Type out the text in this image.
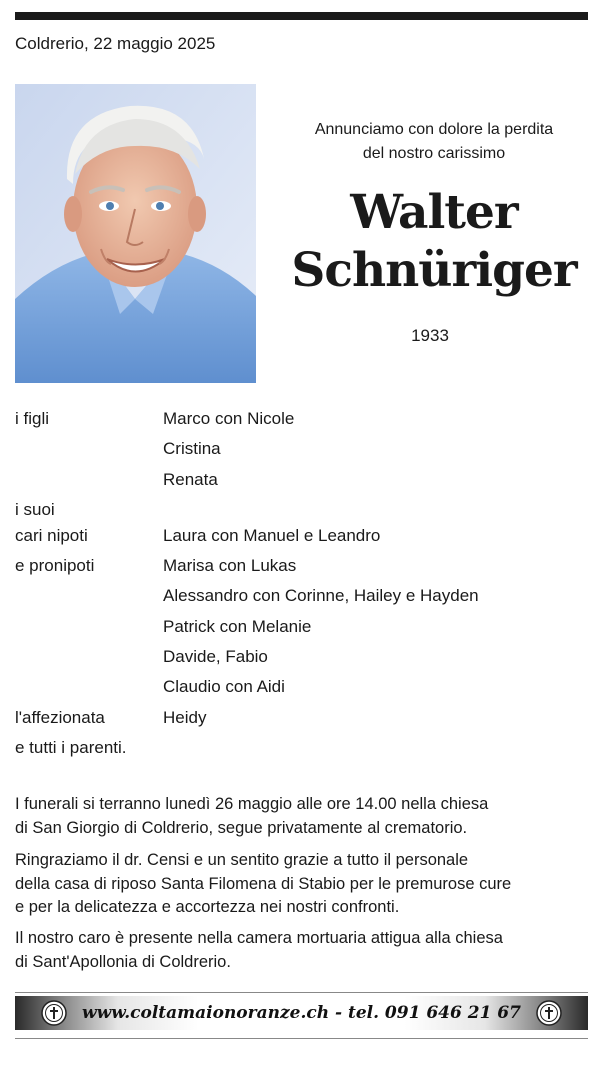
Coldrerio, 22 maggio 2025
Annunciamo con dolore la perdita
del nostro carissimo
Walter
Schnüriger
1933
i figli	Marco con Nicole
Cristina
Renata
i suoi
cari nipoti	Laura con Manuel e Leandro
e pronipoti	Marisa con Lukas
Alessandro con Corinne, Hailey e Hayden
Patrick con Melanie
Davide, Fabio
Claudio con Aidi
l'affezionata	Heidy
e tutti i parenti.
I funerali si terranno lunedì 26 maggio alle ore 14.00 nella chiesa
di San Giorgio di Coldrerio, segue privatamente al crematorio.
Ringraziamo il dr. Censi e un sentito grazie a tutto il personale
della casa di riposo Santa Filomena di Stabio per le premurose cure
e per la delicatezza e accortezza nei nostri confronti.
Il nostro caro è presente nella camera mortuaria attigua alla chiesa
di Sant'Apollonia di Coldrerio.
www.coltamaionoranze.ch - tel. 091 646 21 67
